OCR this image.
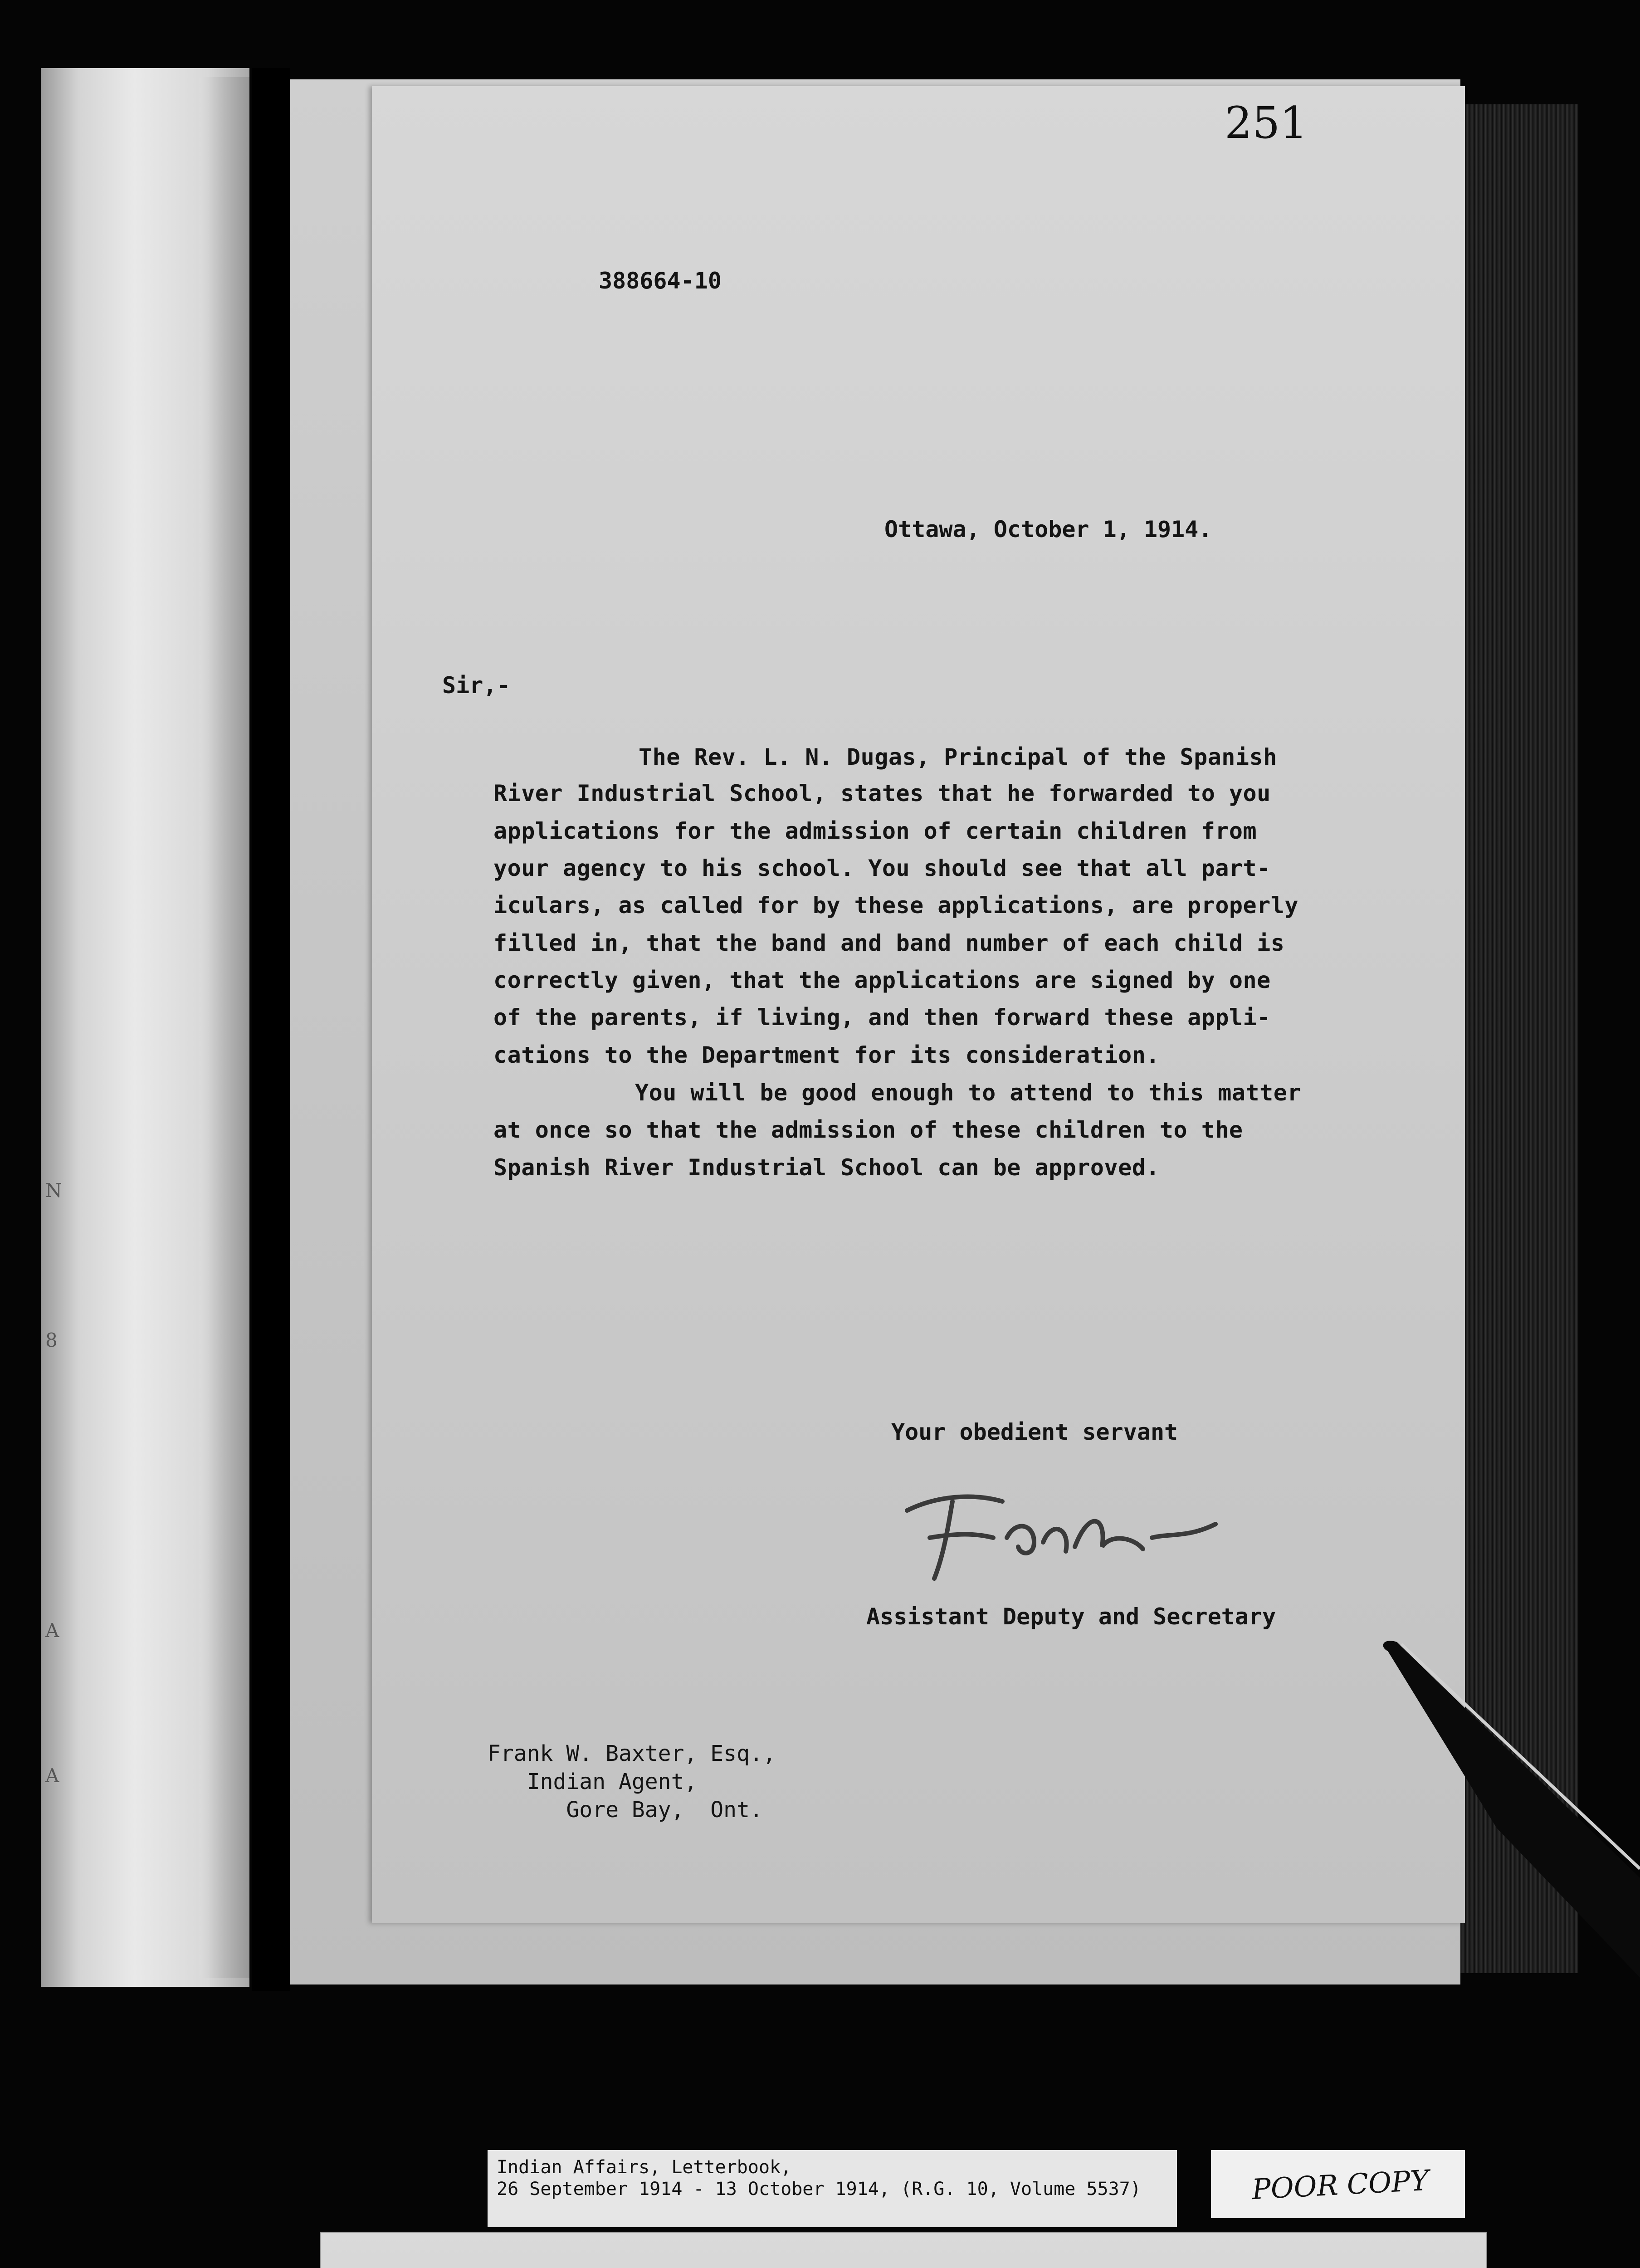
N
8
A
A
251
388664-10
Ottawa, October 1, 1914.
Sir,-
The Rev. L. N. Dugas, Principal of the Spanish
River Industrial School, states that he forwarded to you
applications for the admission of certain children from
your agency to his school. You should see that all part-
iculars, as called for by these applications, are properly
filled in, that the band and band number of each child is
correctly given, that the applications are signed by one
of the parents, if living, and then forward these appli-
cations to the Department for its consideration.
You will be good enough to attend to this matter
at once so that the admission of these children to the
Spanish River Industrial School can be approved.
Your obedient servant
Assistant Deputy and Secretary
Frank W. Baxter, Esq.,
Indian Agent,
Gore Bay,  Ont.
Indian Affairs, Letterbook,
26 September 1914 - 13 October 1914, (R.G. 10, Volume 5537)	POOR COPY
